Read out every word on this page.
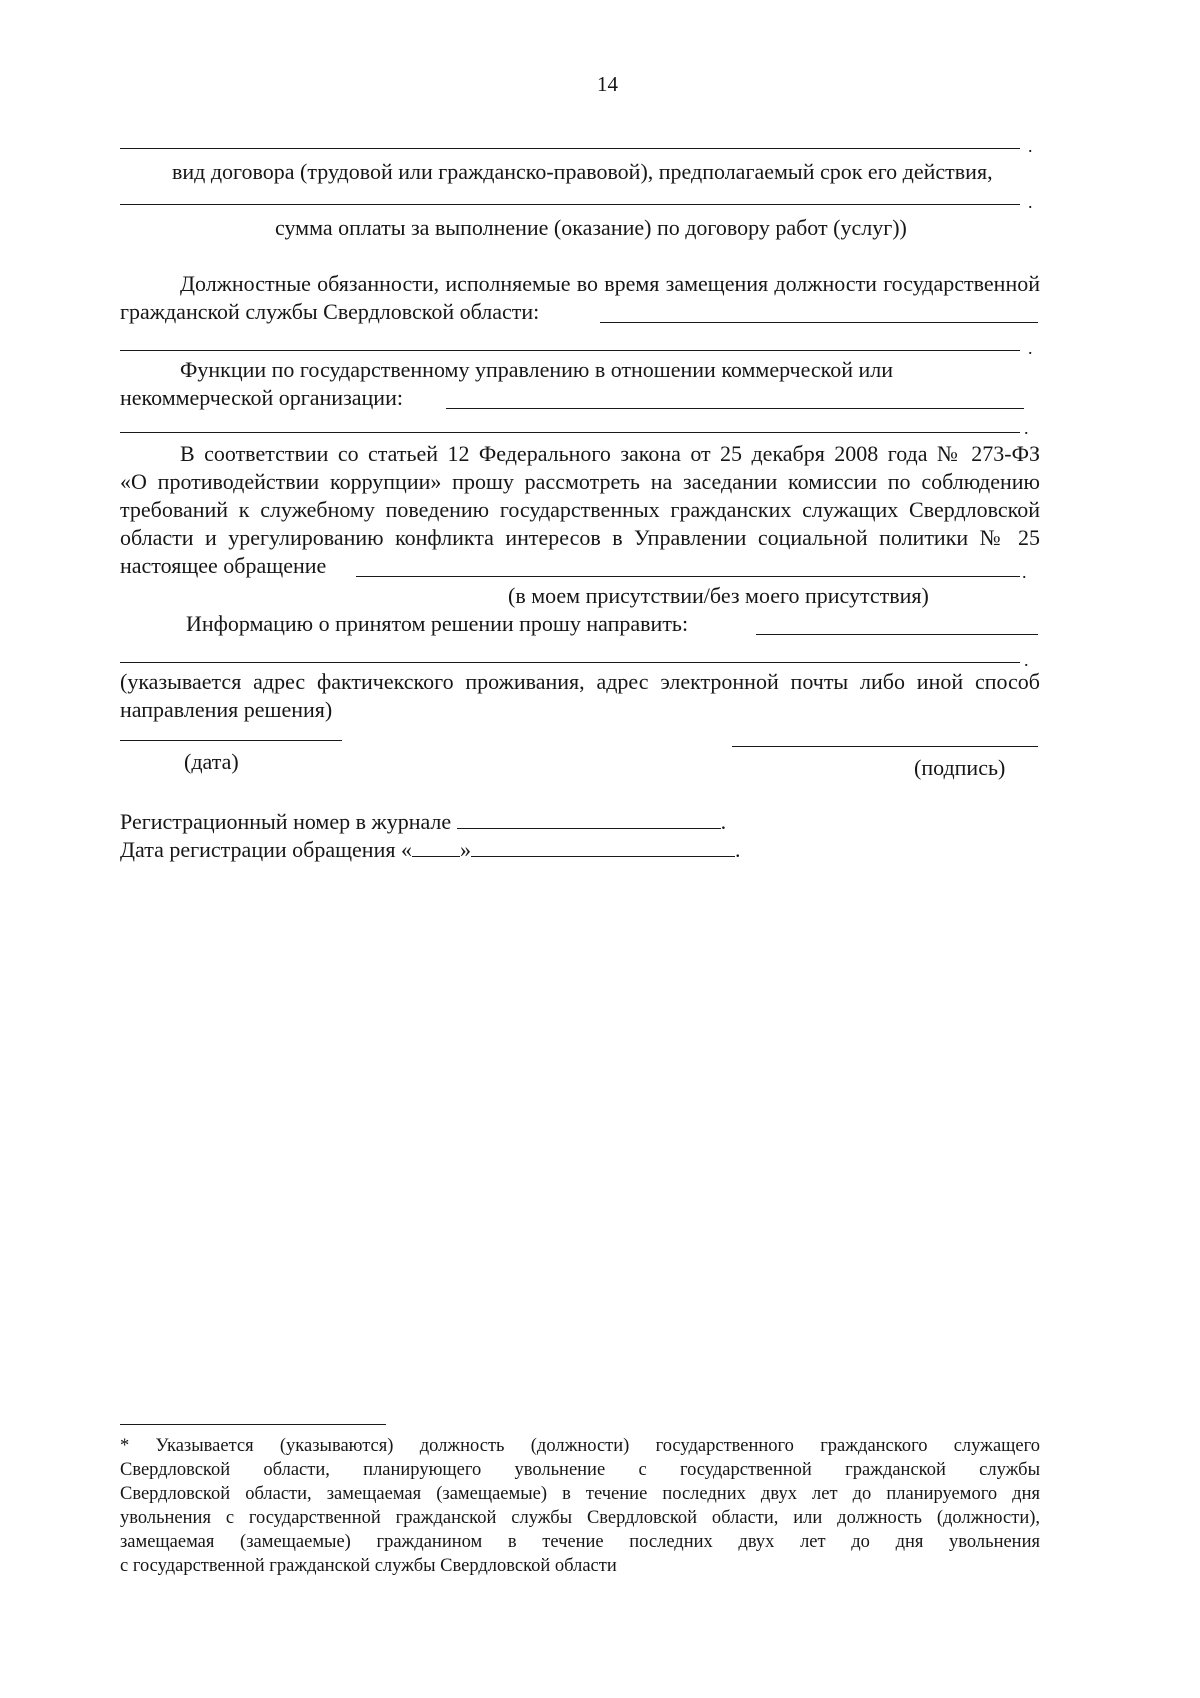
14
.
вид договора (трудовой или гражданско-правовой), предполагаемый срок его действия,
.
сумма оплаты за выполнение (оказание) по договору работ (услуг))
Должностные обязанности, исполняемые во время замещения должности государственной
гражданской службы Свердловской области:
.
Функции по государственному управлению в отношении коммерческой или
некоммерческой организации:
.
В соответствии со статьей 12 Федерального закона от 25 декабря 2008 года № 273-ФЗ
«О противодействии коррупции» прошу рассмотреть на заседании комиссии по соблюдению
требований к служебному поведению государственных гражданских служащих Свердловской
области и урегулированию конфликта интересов в Управлении социальной политики № 25
настоящее обращение	.
(в моем присутствии/без моего присутствия)
Информацию о принятом решении прошу направить:
.
(указывается адрес фактичекского проживания, адрес электронной почты либо иной способ
направления решения)
(дата)	(подпись)
Регистрационный номер в журнале	.
Дата регистрации обращения « »	.
* Указывается (указываются) должность (должности) государственного гражданского служащего
Свердловской области, планирующего увольнение с государственной гражданской службы
Свердловской области, замещаемая (замещаемые) в течение последних двух лет до планируемого дня
увольнения с государственной гражданской службы Свердловской области, или должность (должности),
замещаемая (замещаемые) гражданином в течение последних двух лет до дня увольнения
с государственной гражданской службы Свердловской области
